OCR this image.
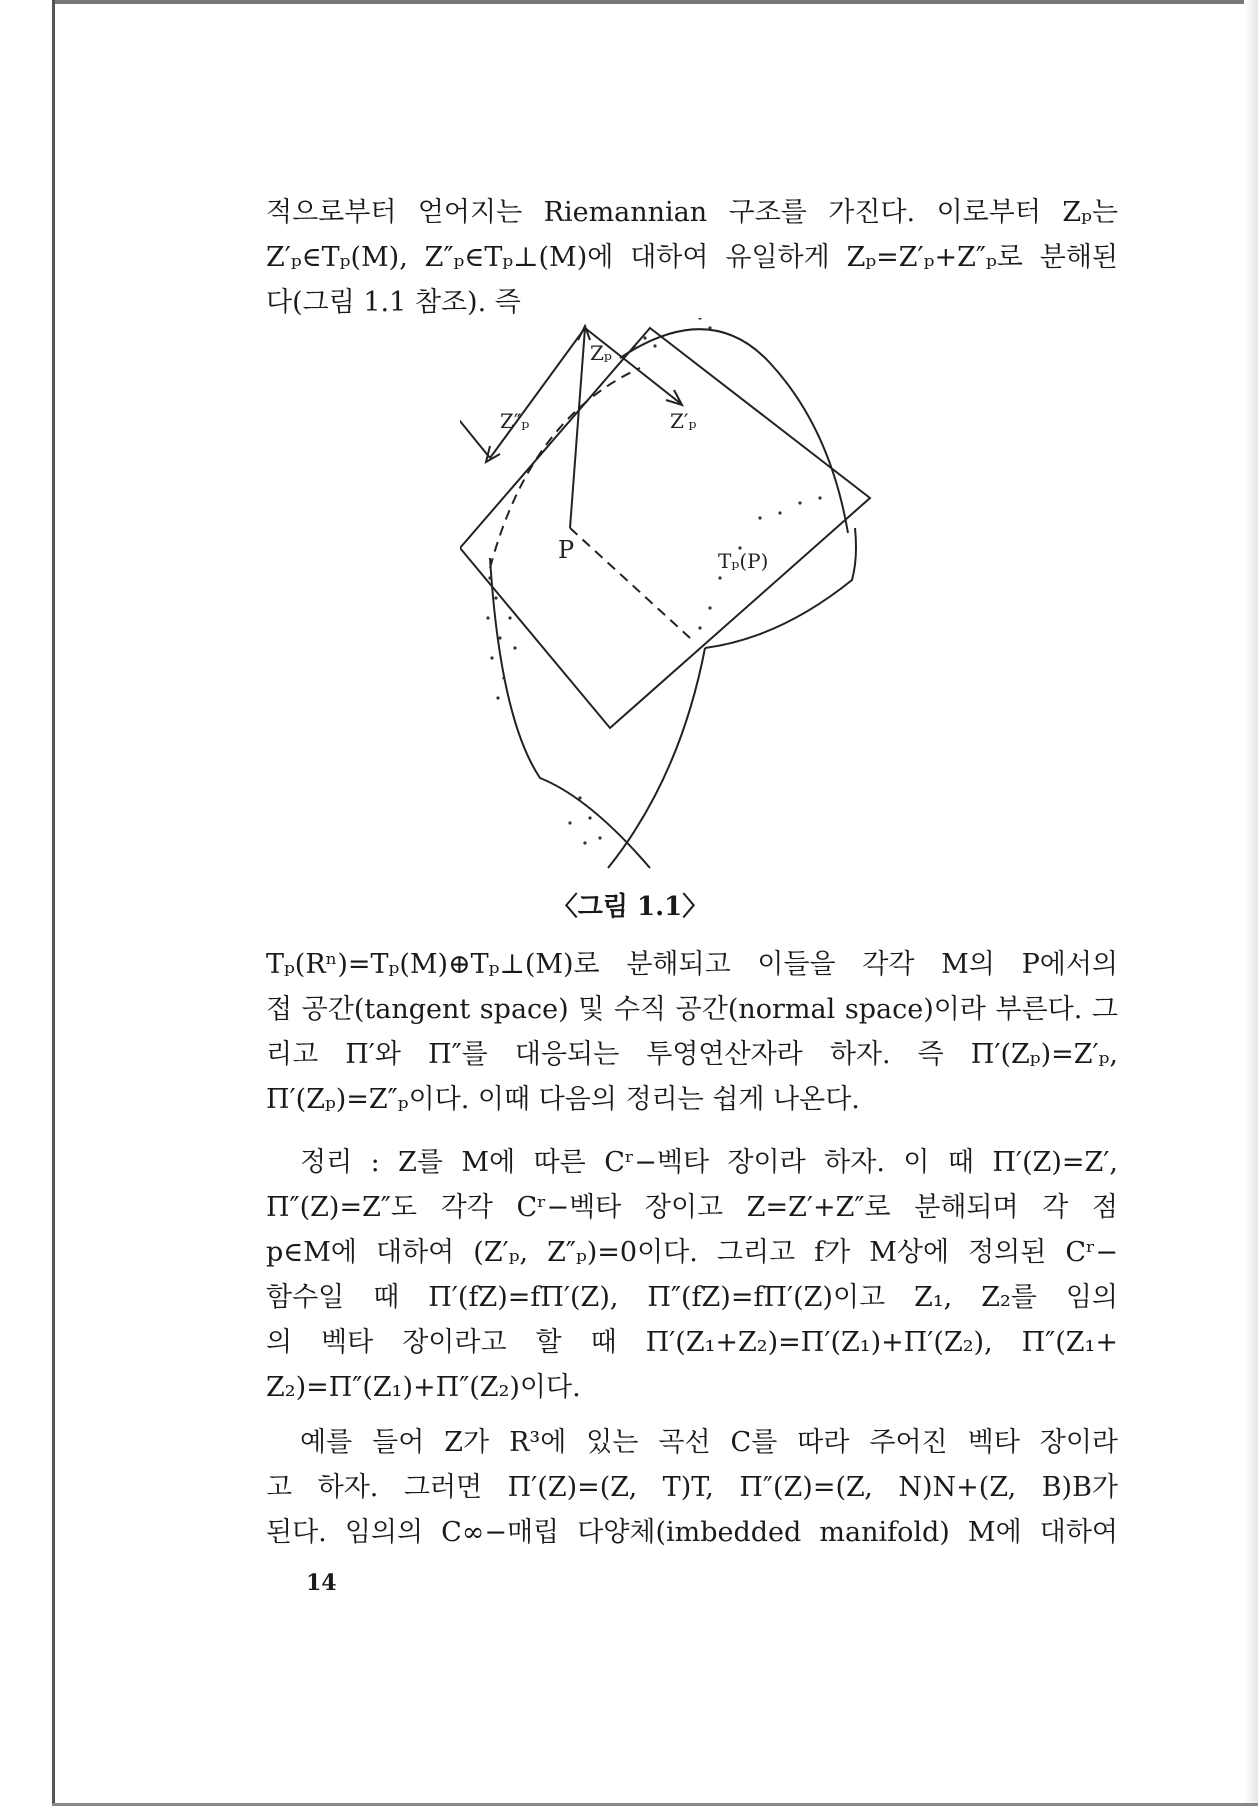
적으로부터 얻어지는 Riemannian 구조를 가진다. 이로부터 Zₚ는
Z′ₚ∈Tₚ(M), Z″ₚ∈Tₚ⊥(M)에 대하여 유일하게 Zₚ=Z′ₚ+Z″ₚ로 분해된
다(그림 1.1 참조). 즉
Zₚ
Z″ₚ	Z′ₚ
P	Tₚ(P)
〈그림 1.1〉
Tₚ(Rⁿ)=Tₚ(M)⊕Tₚ⊥(M)로 분해되고 이들을 각각 M의 P에서의
접 공간(tangent space) 및 수직 공간(normal space)이라 부른다. 그
리고 Π′와 Π″를 대응되는 투영연산자라 하자. 즉 Π′(Zₚ)=Z′ₚ,
Π′(Zₚ)=Z″ₚ이다. 이때 다음의 정리는 쉽게 나온다.
정리 : Z를 M에 따른 Cʳ−벡타 장이라 하자. 이 때 Π′(Z)=Z′,
Π″(Z)=Z″도 각각 Cʳ−벡타 장이고 Z=Z′+Z″로 분해되며 각 점
p∈M에 대하여 (Z′ₚ, Z″ₚ)=0이다. 그리고 f가 M상에 정의된 Cʳ−
함수일 때 Π′(fZ)=fΠ′(Z), Π″(fZ)=fΠ′(Z)이고 Z₁, Z₂를 임의
의 벡타 장이라고 할 때 Π′(Z₁+Z₂)=Π′(Z₁)+Π′(Z₂), Π″(Z₁+
Z₂)=Π″(Z₁)+Π″(Z₂)이다.
예를 들어 Z가 R³에 있는 곡선 C를 따라 주어진 벡타 장이라
고 하자. 그러면 Π′(Z)=(Z, T)T, Π″(Z)=(Z, N)N+(Z, B)B가
된다. 임의의 C∞−매립 다양체(imbedded manifold) M에 대하여
14
